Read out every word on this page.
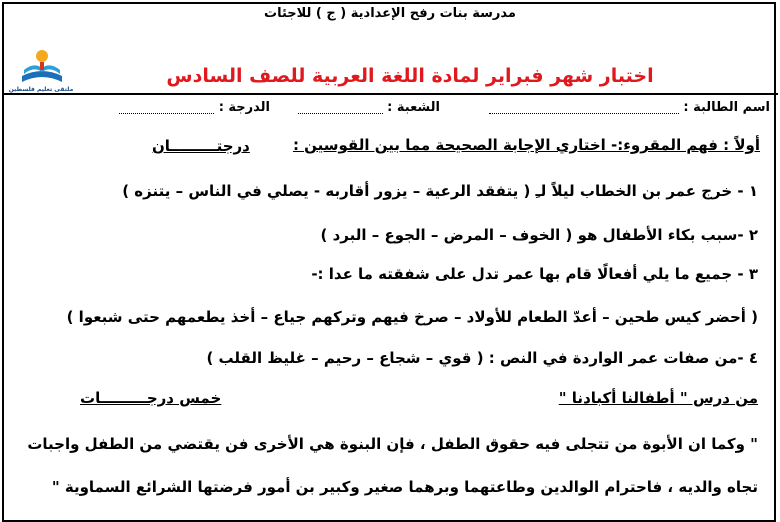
مدرسة بنات رفح الإعدادية ( ج ) للاجئات
ملتقى تعليم فلسطين
اختبار شهر فبراير لمادة اللغة العربية للصف السادس
اسم الطالبة :
الشعبة :
الدرجة :
أولاً : فهم المقروء:- اختاري الإجابة الصحيحة مما بين القوسين :
درجتـــــــــان
١ - خرج عمر بن الخطاب ليلاً لـِ ( يتفقد الرعية – يزور أقاربه - يصلي في الناس – يتنزه )
٢ -سبب بكاء الأطفال هو ( الخوف – المرض – الجوع – البرد )
٣ - جميع ما يلي أفعالًا قام بها عمر تدل على شفقته ما عدا :-
( أحضر كيس طحين – أعدّ الطعام للأولاد – صرخ فيهم وتركهم جياع – أخذ يطعمهم حتى شبعوا )
٤ -من صفات عمر الواردة في النص : ( قوي – شجاع – رحيم – غليظ القلب )
من درس " أطفالنا أكبادنا "
خمس درجـــــــــات
" وكما ان الأبوة من تتجلى فيه حقوق الطفل ، فإن البنوة هي الأخرى فن يقتضي من الطفل واجبات
تجاه والديه ، فاحترام الوالدين وطاعتهما وبرهما صغير وكبير بن أمور فرضتها الشرائع السماوية "
